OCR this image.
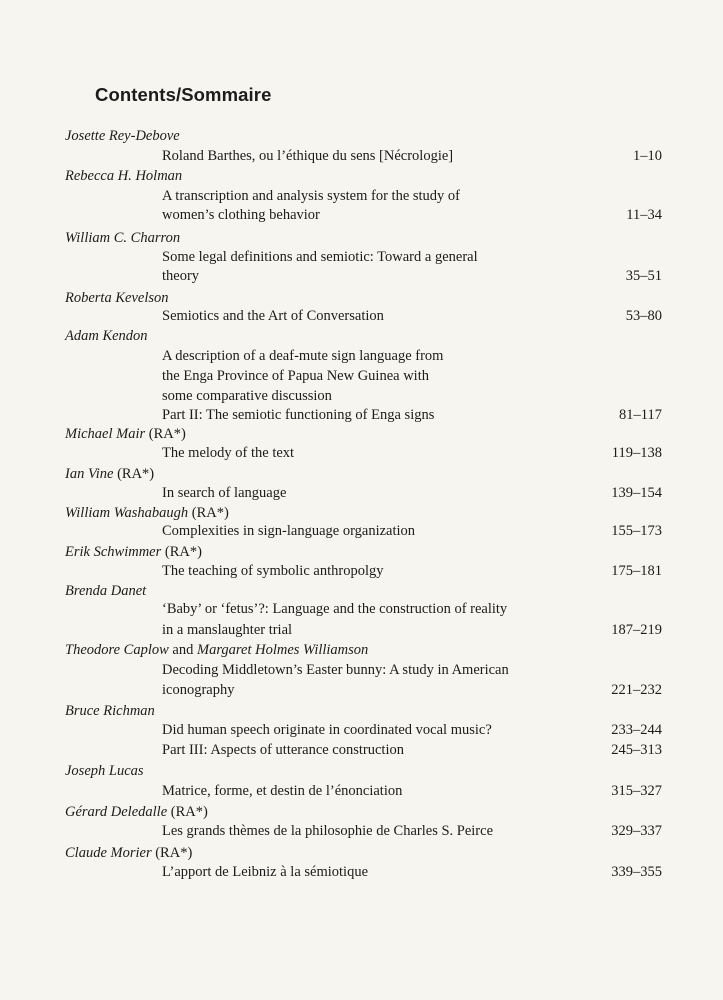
Contents/Sommaire
Josette Rey-Debove
Roland Barthes, ou l’éthique du sens [Nécrologie]	1–10
Rebecca H. Holman
A transcription and analysis system for the study of
women’s clothing behavior	11–34
William C. Charron
Some legal definitions and semiotic: Toward a general
theory	35–51
Roberta Kevelson
Semiotics and the Art of Conversation	53–80
Adam Kendon
A description of a deaf-mute sign language from
the Enga Province of Papua New Guinea with
some comparative discussion
Part II: The semiotic functioning of Enga signs	81–117
Michael Mair (RA*)
The melody of the text	119–138
Ian Vine (RA*)
In search of language	139–154
William Washabaugh (RA*)
Complexities in sign-language organization	155–173
Erik Schwimmer (RA*)
The teaching of symbolic anthropolgy	175–181
Brenda Danet
‘Baby’ or ‘fetus’?: Language and the construction of reality
in a manslaughter trial	187–219
Theodore Caplow and Margaret Holmes Williamson
Decoding Middletown’s Easter bunny: A study in American
iconography	221–232
Bruce Richman
Did human speech originate in coordinated vocal music?	233–244
Part III: Aspects of utterance construction	245–313
Joseph Lucas
Matrice, forme, et destin de l’énonciation	315–327
Gérard Deledalle (RA*)
Les grands thèmes de la philosophie de Charles S. Peirce	329–337
Claude Morier (RA*)
L’apport de Leibniz à la sémiotique	339–355
